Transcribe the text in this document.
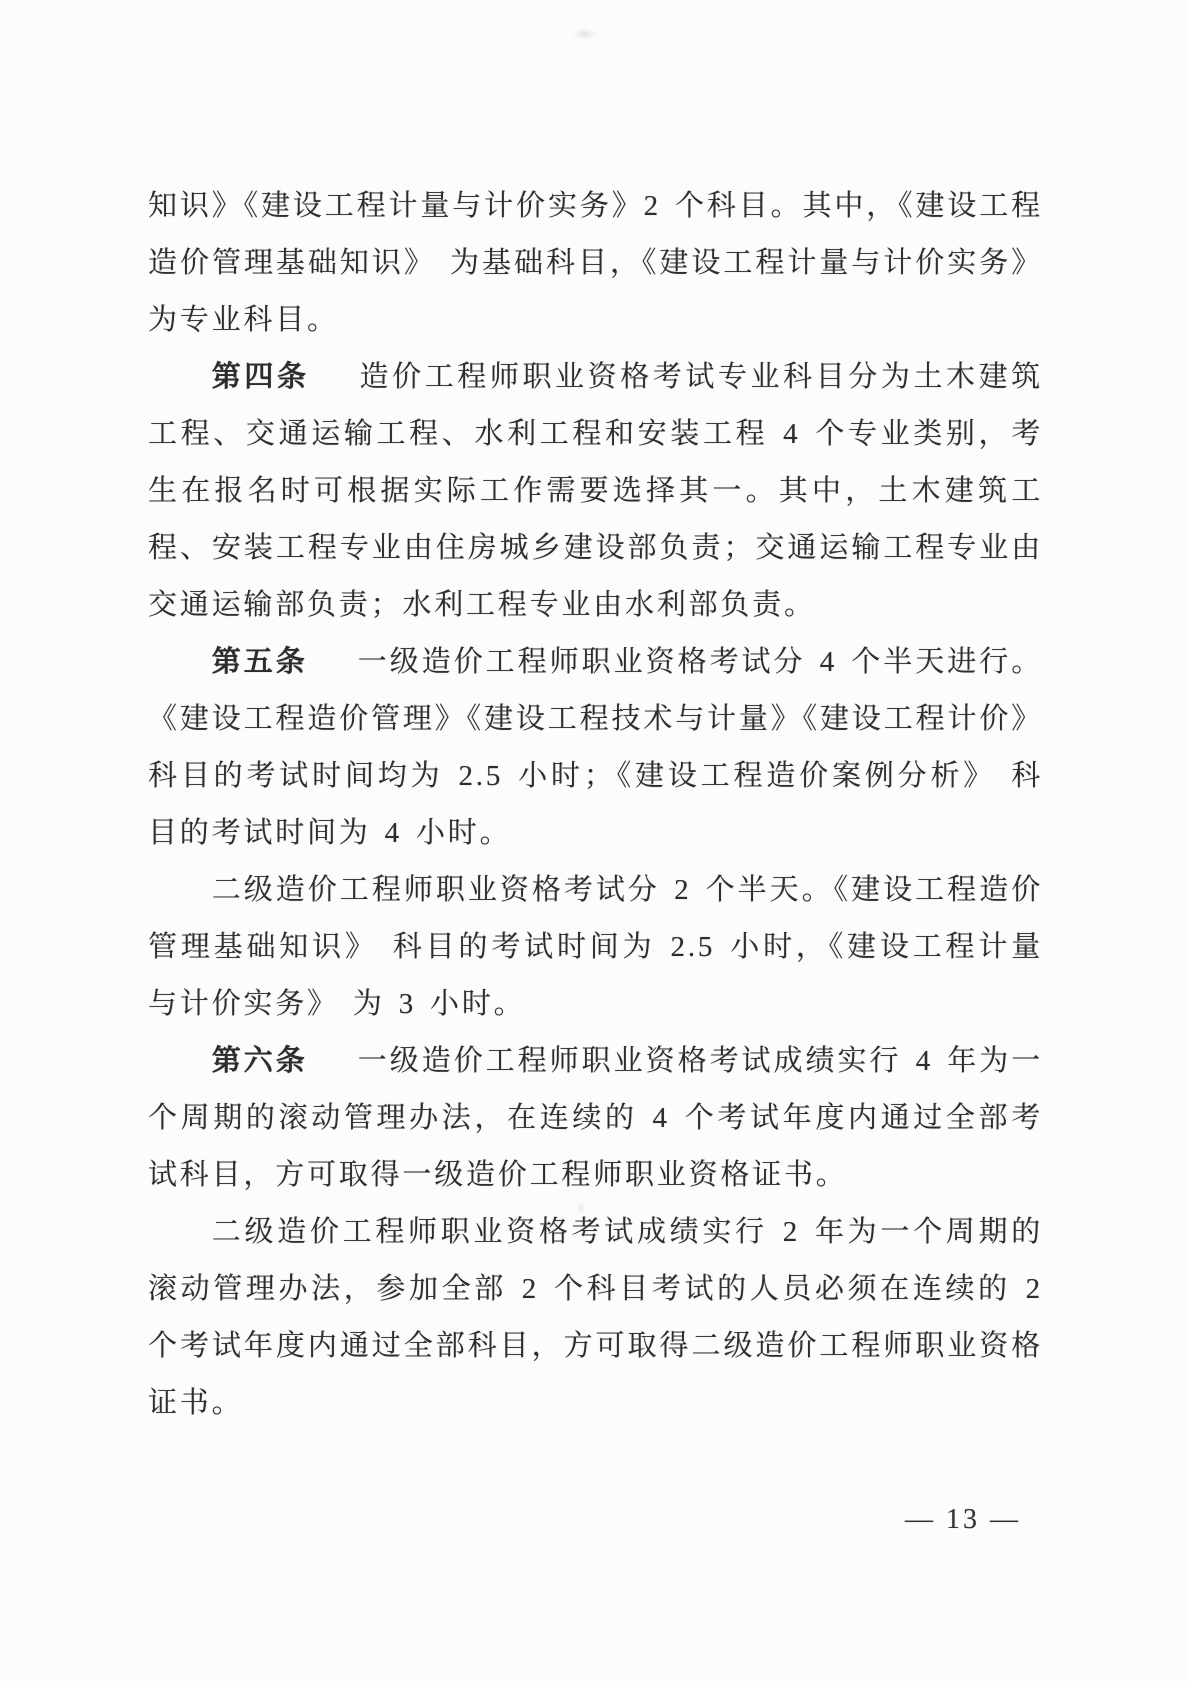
知识》《建设工程计量与计价实务》2 个科目。其中，《建设工程造价管理基础知识》 为基础科目，《建设工程计量与计价实务》 为专业科目。

第四条 造价工程师职业资格考试专业科目分为土木建筑工程、交通运输工程、水利工程和安装工程 4 个专业类别，考生在报名时可根据实际工作需要选择其一。其中，土木建筑工程、安装工程专业由住房城乡建设部负责；交通运输工程专业由交通运输部负责；水利工程专业由水利部负责。

第五条 一级造价工程师职业资格考试分 4 个半天进行。《建设工程造价管理》《建设工程技术与计量》《建设工程计价》科目的考试时间均为 2.5 小时；《建设工程造价案例分析》 科目的考试时间为 4 小时。

二级造价工程师职业资格考试分 2 个半天。《建设工程造价管理基础知识》 科目的考试时间为 2.5 小时，《建设工程计量与计价实务》 为 3 小时。

第六条 一级造价工程师职业资格考试成绩实行 4 年为一个周期的滚动管理办法，在连续的 4 个考试年度内通过全部考试科目，方可取得一级造价工程师职业资格证书。

二级造价工程师职业资格考试成绩实行 2 年为一个周期的滚动管理办法，参加全部 2 个科目考试的人员必须在连续的 2 个考试年度内通过全部科目，方可取得二级造价工程师职业资格证书。

— 13 —
